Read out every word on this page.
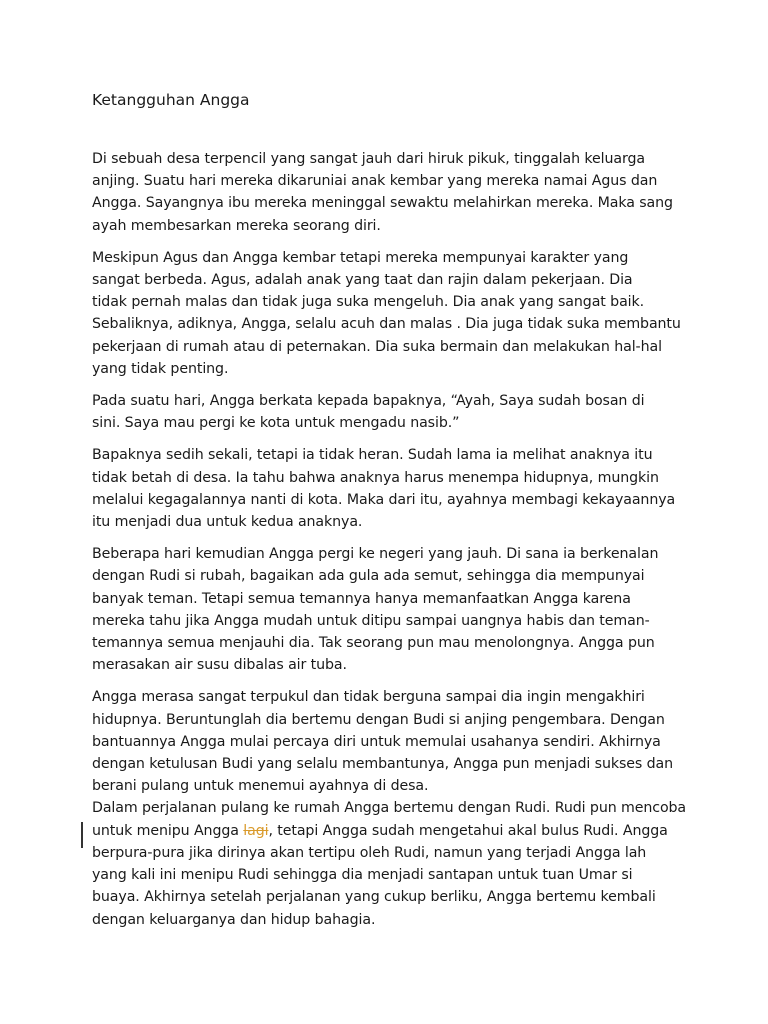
Ketangguhan Angga

Di sebuah desa terpencil yang sangat jauh dari hiruk pikuk, tinggalah keluarga
anjing. Suatu hari mereka dikaruniai anak kembar yang mereka namai Agus dan
Angga. Sayangnya ibu mereka meninggal sewaktu melahirkan mereka. Maka sang
ayah membesarkan mereka seorang diri.

Meskipun Agus dan Angga kembar tetapi mereka mempunyai karakter yang
sangat berbeda. Agus, adalah anak yang taat dan rajin dalam pekerjaan. Dia
tidak pernah malas dan tidak juga suka mengeluh. Dia anak yang sangat baik.
Sebaliknya, adiknya, Angga, selalu acuh dan malas . Dia juga tidak suka membantu
pekerjaan di rumah atau di peternakan. Dia suka bermain dan melakukan hal-hal
yang tidak penting.

Pada suatu hari, Angga berkata kepada bapaknya, “Ayah, Saya sudah bosan di
sini. Saya mau pergi ke kota untuk mengadu nasib.”

Bapaknya sedih sekali, tetapi ia tidak heran. Sudah lama ia melihat anaknya itu
tidak betah di desa. Ia tahu bahwa anaknya harus menempa hidupnya, mungkin
melalui kegagalannya nanti di kota. Maka dari itu, ayahnya membagi kekayaannya
itu menjadi dua untuk kedua anaknya.

Beberapa hari kemudian Angga pergi ke negeri yang jauh. Di sana ia berkenalan
dengan Rudi si rubah, bagaikan ada gula ada semut, sehingga dia mempunyai
banyak teman. Tetapi semua temannya hanya memanfaatkan Angga karena
mereka tahu jika Angga mudah untuk ditipu sampai uangnya habis dan teman-
temannya semua menjauhi dia. Tak seorang pun mau menolongnya. Angga pun
merasakan air susu dibalas air tuba.

Angga merasa sangat terpukul dan tidak berguna sampai dia ingin mengakhiri
hidupnya. Beruntunglah dia bertemu dengan Budi si anjing pengembara. Dengan
bantuannya Angga mulai percaya diri untuk memulai usahanya sendiri. Akhirnya
dengan ketulusan Budi yang selalu membantunya, Angga pun menjadi sukses dan
berani pulang untuk menemui ayahnya di desa.

Dalam perjalanan pulang ke rumah Angga bertemu dengan Rudi. Rudi pun mencoba
untuk menipu Angga lagi, tetapi Angga sudah mengetahui akal bulus Rudi. Angga
berpura-pura jika dirinya akan tertipu oleh Rudi, namun yang terjadi Angga lah
yang kali ini menipu Rudi sehingga dia menjadi santapan untuk tuan Umar si
buaya. Akhirnya setelah perjalanan yang cukup berliku, Angga bertemu kembali
dengan keluarganya dan hidup bahagia.
